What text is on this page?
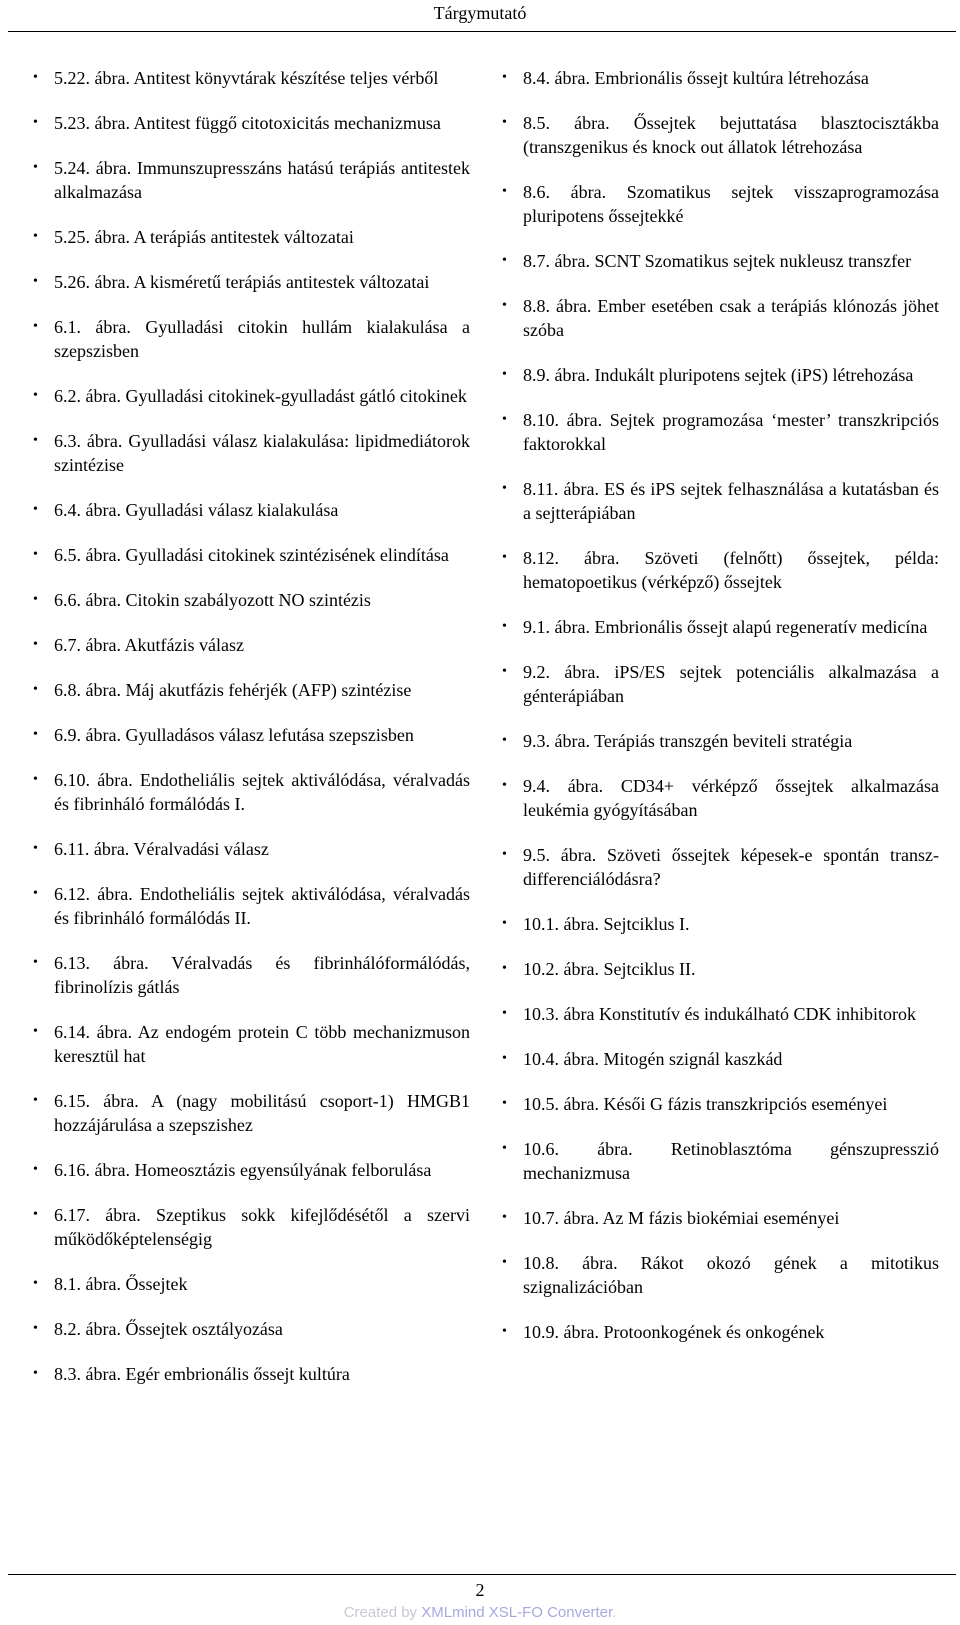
Tárgymutató
• 5.22. ábra. Antitest könyvtárak készítése teljes vérből
• 5.23. ábra. Antitest függő citotoxicitás mechanizmusa
• 5.24. ábra. Immunszupresszáns hatású terápiás antitestek alkalmazása
• 5.25. ábra. A terápiás antitestek változatai
• 5.26. ábra. A kisméretű terápiás antitestek változatai
• 6.1. ábra. Gyulladási citokin hullám kialakulása a szepszisben
• 6.2. ábra. Gyulladási citokinek-gyulladást gátló citokinek
• 6.3. ábra. Gyulladási válasz kialakulása: lipidmediátorok szintézise
• 6.4. ábra. Gyulladási válasz kialakulása
• 6.5. ábra. Gyulladási citokinek szintézisének elindítása
• 6.6. ábra. Citokin szabályozott NO szintézis
• 6.7. ábra. Akutfázis válasz
• 6.8. ábra. Máj akutfázis fehérjék (AFP) szintézise
• 6.9. ábra. Gyulladásos válasz lefutása szepszisben
• 6.10. ábra. Endotheliális sejtek aktiválódása, véralvadás és fibrinháló formálódás I.
• 6.11. ábra. Véralvadási válasz
• 6.12. ábra. Endotheliális sejtek aktiválódása, véralvadás és fibrinháló formálódás II.
• 6.13. ábra. Véralvadás és fibrinhálóformálódás, fibrinolízis gátlás
• 6.14. ábra. Az endogém protein C több mechanizmuson keresztül hat
• 6.15. ábra. A (nagy mobilitású csoport-1) HMGB1 hozzájárulása a szepszishez
• 6.16. ábra. Homeosztázis egyensúlyának felborulása
• 6.17. ábra. Szeptikus sokk kifejlődésétől a szervi működőképtelenségig
• 8.1. ábra. Őssejtek
• 8.2. ábra. Őssejtek osztályozása
• 8.3. ábra. Egér embrionális őssejt kultúra
• 8.4. ábra. Embrionális őssejt kultúra létrehozása
• 8.5. ábra. Őssejtek bejuttatása blasztocisztákba (transzgenikus és knock out állatok létrehozása
• 8.6. ábra. Szomatikus sejtek visszaprogramozása pluripotens őssejtekké
• 8.7. ábra. SCNT Szomatikus sejtek nukleusz transzfer
• 8.8. ábra. Ember esetében csak a terápiás klónozás jöhet szóba
• 8.9. ábra. Indukált pluripotens sejtek (iPS) létrehozása
• 8.10. ábra. Sejtek programozása ‘mester’ transzkripciós faktorokkal
• 8.11. ábra. ES és iPS sejtek felhasználása a kutatásban és a sejtterápiában
• 8.12. ábra. Szöveti (felnőtt) őssejtek, példa: hematopoetikus (vérképző) őssejtek
• 9.1. ábra. Embrionális őssejt alapú regeneratív medicína
• 9.2. ábra. iPS/ES sejtek potenciális alkalmazása a génterápiában
• 9.3. ábra. Terápiás transzgén beviteli stratégia
• 9.4. ábra. CD34+ vérképző őssejtek alkalmazása leukémia gyógyításában
• 9.5. ábra. Szöveti őssejtek képesek-e spontán transz-differenciálódásra?
• 10.1. ábra. Sejtciklus I.
• 10.2. ábra. Sejtciklus II.
• 10.3. ábra Konstitutív és indukálható CDK inhibitorok
• 10.4. ábra. Mitogén szignál kaszkád
• 10.5. ábra. Késői G fázis transzkripciós eseményei
• 10.6. ábra. Retinoblasztóma génszupresszió mechanizmusa
• 10.7. ábra. Az M fázis biokémiai eseményei
• 10.8. ábra. Rákot okozó gének a mitotikus szignalizációban
• 10.9. ábra. Protoonkogének és onkogének
2
Created by XMLmind XSL-FO Converter.
